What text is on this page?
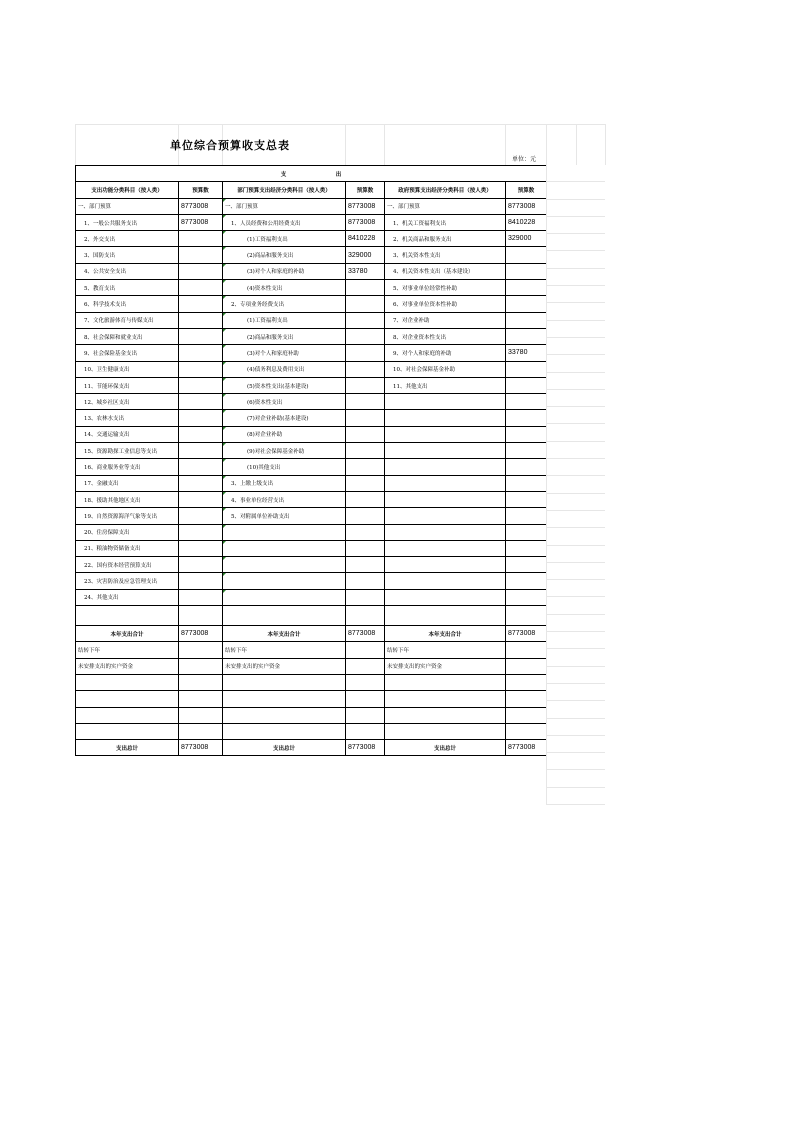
单位综合预算收支总表
单位：元
支　　　　　　　　　出					
支出功能分类科目（按人类）	预算数	部门预算支出经济分类科目（按人类）	预算数	政府预算支出经济分类科目（按人类）	预算数
一、部门预算	8773008	一、部门预算	8773008	一、部门预算	8773008
1、一般公共服务支出	8773008	1、人员经费和公用经费支出	8773008	1、机关工资福利支出	8410228
2、外交支出		(1)工资福利支出	8410228	2、机关商品和服务支出	329000
3、国防支出		(2)商品和服务支出	329000	3、机关资本性支出	
4、公共安全支出		(3)对个人和家庭的补助	33780	4、机关资本性支出（基本建设）	
5、教育支出		(4)资本性支出		5、对事业单位经常性补助	
6、科学技术支出		2、专项业务经费支出		6、对事业单位资本性补助	
7、文化旅游体育与传媒支出		(1)工资福利支出		7、对企业补助	
8、社会保障和就业支出		(2)商品和服务支出		8、对企业资本性支出	
9、社会保险基金支出		(3)对个人和家庭补助		9、对个人和家庭的补助	33780
10、卫生健康支出		(4)债务利息及费用支出		10、对社会保障基金补助	
11、节能环保支出		(5)资本性支出(基本建设)		11、其他支出	
12、城乡社区支出		(6)资本性支出			
13、农林水支出		(7)对企业补助(基本建设)			
14、交通运输支出		(8)对企业补助			
15、资源勘探工业信息等支出		(9)对社会保障基金补助			
16、商业服务业等支出		(10)其他支出			
17、金融支出		3、上缴上级支出			
18、援助其他地区支出		4、事业单位经营支出			
19、自然资源海洋气象等支出		5、对附属单位补助支出			
20、住房保障支出					
21、粮油物资储备支出					
22、国有资本经营预算支出					
23、灾害防治及应急管理支出					
24、其他支出					

本年支出合计	8773008	本年支出合计	8773008	本年支出合计	8773008
结转下年		结转下年		结转下年	
未安排支出的实户资金		未安排支出的实户资金		未安排支出的实户资金	

支出总计	8773008	支出总计	8773008	支出总计	8773008
